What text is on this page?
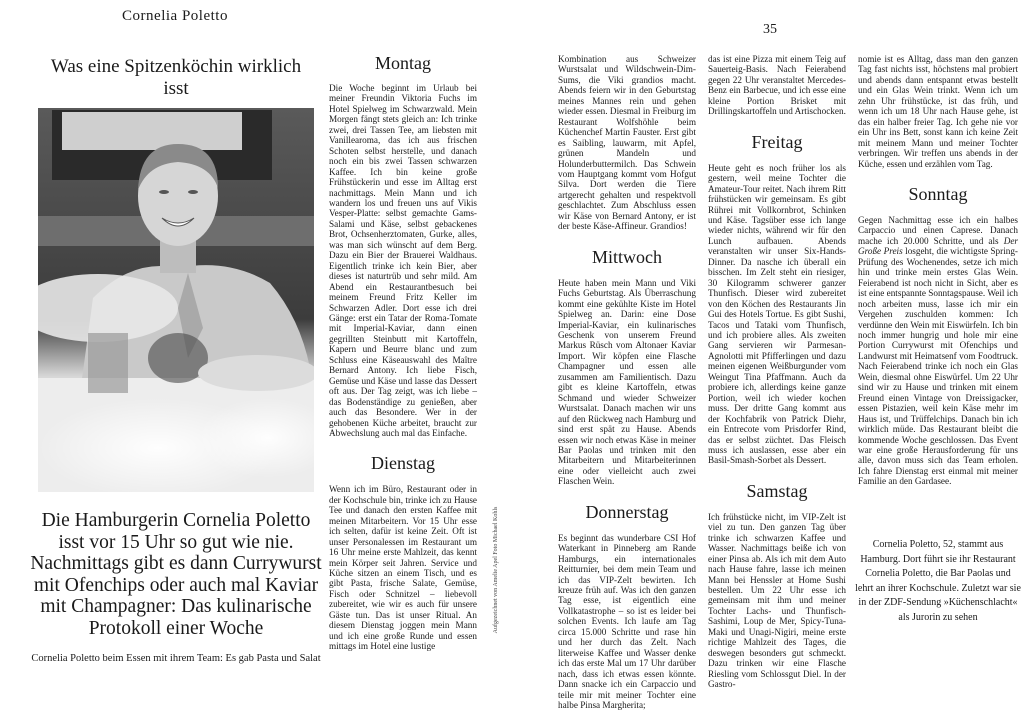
Cornelia Poletto
35
Was eine Spitzenköchin wirklich isst
Die Hamburgerin Cornelia Poletto isst vor 15 Uhr so gut wie nie. Nachmittags gibt es dann Currywurst mit Ofenchips oder auch mal Kaviar mit Champagner: Das kulinarische Protokoll einer Woche
Cornelia Poletto beim Essen mit ihrem Team: Es gab Pasta und Salat
Montag

Die Woche beginnt im Urlaub bei meiner Freundin Viktoria Fuchs im Hotel Spielweg im Schwarzwald. Mein Morgen fängt stets gleich an: Ich trinke zwei, drei Tassen Tee, am liebsten mit Vanillearoma, das ich aus frischen Schoten selbst herstelle, und danach noch ein bis zwei Tassen schwarzen Kaffee. Ich bin keine große Frühstückerin und esse im Alltag erst nachmittags. Mein Mann und ich wandern los und freuen uns auf Vikis Vesper-Platte: selbst gemachte Gams-Salami und Käse, selbst gebackenes Brot, Ochsenherztomaten, Gurke, alles, was man sich wünscht auf dem Berg. Dazu ein Bier der Brauerei Waldhaus. Eigentlich trinke ich kein Bier, aber dieses ist naturtrüb und sehr mild. Am Abend ein Restaurantbesuch bei meinem Freund Fritz Keller im Schwarzen Adler. Dort esse ich drei Gänge: erst ein Tatar der Roma-Tomate mit Imperial-Kaviar, dann einen gegrillten Steinbutt mit Kartoffeln, Kapern und Beurre blanc und zum Schluss eine Käseauswahl des Maître Bernard Antony. Ich liebe Fisch, Gemüse und Käse und lasse das Dessert oft aus. Der Tag zeigt, was ich liebe – das Bodenständige zu genießen, aber auch das Besondere. Wer in der gehobenen Küche arbeitet, braucht zur Abwechslung auch mal das Einfache.

Dienstag

Wenn ich im Büro, Restaurant oder in der Kochschule bin, trinke ich zu Hause Tee und danach den ersten Kaffee mit meinen Mitarbeitern. Vor 15 Uhr esse ich selten, dafür ist keine Zeit. Oft ist unser Personalessen im Restaurant um 16 Uhr meine erste Mahlzeit, das kennt mein Körper seit Jahren. Service und Küche sitzen an einem Tisch, und es gibt Pasta, frische Salate, Gemüse, Fisch oder Schnitzel – liebevoll zubereitet, wie wir es auch für unsere Gäste tun. Das ist unser Ritual. An diesem Dienstag joggen mein Mann und ich eine große Runde und essen mittags im Hotel eine lustige

Aufgezeichnet von Amelie Apel Foto Michael Kohls

Kombination aus Schweizer Wurstsalat und Wildschwein-Dim-Sums, die Viki grandios macht. Abends feiern wir in den Geburtstag meines Mannes rein und gehen wieder essen. Diesmal in Freiburg im Restaurant Wolfshöhle beim Küchenchef Martin Fauster. Erst gibt es Saibling, lauwarm, mit Apfel, grünen Mandeln und Holunderbuttermilch. Das Schwein vom Hauptgang kommt vom Hofgut Silva. Dort werden die Tiere artgerecht gehalten und respektvoll geschlachtet. Zum Abschluss essen wir Käse von Bernard Antony, er ist der beste Käse-Affineur. Grandios!

Mittwoch

Heute haben mein Mann und Viki Fuchs Geburtstag. Als Überraschung kommt eine gekühlte Kiste im Hotel Spielweg an. Darin: eine Dose Imperial-Kaviar, ein kulinarisches Geschenk von unserem Freund Markus Rüsch vom Altonaer Kaviar Import. Wir köpfen eine Flasche Champagner und essen alle zusammen am Familientisch. Dazu gibt es kleine Kartoffeln, etwas Schmand und wieder Schweizer Wurstsalat. Danach machen wir uns auf den Rückweg nach Hamburg und sind erst spät zu Hause. Abends essen wir noch etwas Käse in meiner Bar Paolas und trinken mit den Mitarbeitern und Mitarbeiterinnen eine oder vielleicht auch zwei Flaschen Wein.

Donnerstag

Es beginnt das wunderbare CSI Hof Waterkant in Pinneberg am Rande Hamburgs, ein internationales Reitturnier, bei dem mein Team und ich das VIP-Zelt bewirten. Ich kreuze früh auf. Was ich den ganzen Tag esse, ist eigentlich eine Vollkatastrophe – so ist es leider bei solchen Events. Ich laufe am Tag circa 15.000 Schritte und rase hin und her durch das Zelt. Nach literweise Kaffee und Wasser denke ich das erste Mal um 17 Uhr darüber nach, dass ich etwas essen könnte. Dann snacke ich ein Carpaccio und teile mir mit meiner Tochter eine halbe Pinsa Margherita;

das ist eine Pizza mit einem Teig auf Sauerteig-Basis. Nach Feierabend gegen 22 Uhr veranstaltet Mercedes-Benz ein Barbecue, und ich esse eine kleine Portion Brisket mit Drillingskartoffeln und Artischocken.

Freitag

Heute geht es noch früher los als gestern, weil meine Tochter die Amateur-Tour reitet. Nach ihrem Ritt frühstücken wir gemeinsam. Es gibt Rührei mit Vollkornbrot, Schinken und Käse. Tagsüber esse ich lange wieder nichts, während wir für den Lunch aufbauen. Abends veranstalten wir unser Six-Hands-Dinner. Da nasche ich überall ein bisschen. Im Zelt steht ein riesiger, 30 Kilogramm schwerer ganzer Thunfisch. Dieser wird zubereitet von den Köchen des Restaurants Jin Gui des Hotels Tortue. Es gibt Sushi, Tacos und Tataki vom Thunfisch, und ich probiere alles. Als zweiten Gang servieren wir Parmesan-Agnolotti mit Pfifferlingen und dazu meinen eigenen Weißburgunder vom Weingut Tina Pfaffmann. Auch da probiere ich, allerdings keine ganze Portion, weil ich wieder kochen muss. Der dritte Gang kommt aus der Kochfabrik von Patrick Diehr, ein Entrecote vom Prisdorfer Rind, das er selbst züchtet. Das Fleisch muss ich auslassen, esse aber ein Basil-Smash-Sorbet als Dessert.

Samstag

Ich frühstücke nicht, im VIP-Zelt ist viel zu tun. Den ganzen Tag über trinke ich schwarzen Kaffee und Wasser. Nachmittags beiße ich von einer Pinsa ab. Als ich mit dem Auto nach Hause fahre, lasse ich meinen Mann bei Henssler at Home Sushi bestellen. Um 22 Uhr esse ich gemeinsam mit ihm und meiner Tochter Lachs- und Thunfisch-Sashimi, Loup de Mer, Spicy-Tuna-Maki und Unagi-Nigiri, meine erste richtige Mahlzeit des Tages, die deswegen besonders gut schmeckt. Dazu trinken wir eine Flasche Riesling vom Schlossgut Diel. In der Gastro-

nomie ist es Alltag, dass man den ganzen Tag fast nichts isst, höchstens mal probiert und abends dann entspannt etwas bestellt und ein Glas Wein trinkt. Wenn ich um zehn Uhr frühstücke, ist das früh, und wenn ich um 18 Uhr nach Hause gehe, ist das ein halber freier Tag. Ich gehe nie vor ein Uhr ins Bett, sonst kann ich keine Zeit mit meinem Mann und meiner Tochter verbringen. Wir treffen uns abends in der Küche, essen und erzählen vom Tag.

Sonntag

Gegen Nachmittag esse ich ein halbes Carpaccio und einen Caprese. Danach mache ich 20.000 Schritte, und als Der Große Preis losgeht, die wichtigste Spring-Prüfung des Wochenendes, setze ich mich hin und trinke mein erstes Glas Wein. Feierabend ist noch nicht in Sicht, aber es ist eine entspannte Sonntagspause. Weil ich noch arbeiten muss, lasse ich mir ein Vergehen zuschulden kommen: Ich verdünne den Wein mit Eiswürfeln. Ich bin noch immer hungrig und hole mir eine Portion Currywurst mit Ofenchips und Landwurst mit Heimatsenf vom Foodtruck. Nach Feierabend trinke ich noch ein Glas Wein, diesmal ohne Eiswürfel. Um 22 Uhr sind wir zu Hause und trinken mit einem Freund einen Vintage von Dreissigacker, essen Pistazien, weil kein Käse mehr im Haus ist, und Trüffelchips. Danach bin ich wirklich müde. Das Restaurant bleibt die kommende Woche geschlossen. Das Event war eine große Herausforderung für uns alle, davon muss sich das Team erholen. Ich fahre Dienstag erst einmal mit meiner Familie an den Gardasee.

Cornelia Poletto, 52, stammt aus Hamburg. Dort führt sie ihr Restaurant Cornelia Poletto, die Bar Paolas und lehrt an ihrer Kochschule. Zuletzt war sie in der ZDF-Sendung »Küchenschlacht« als Jurorin zu sehen
